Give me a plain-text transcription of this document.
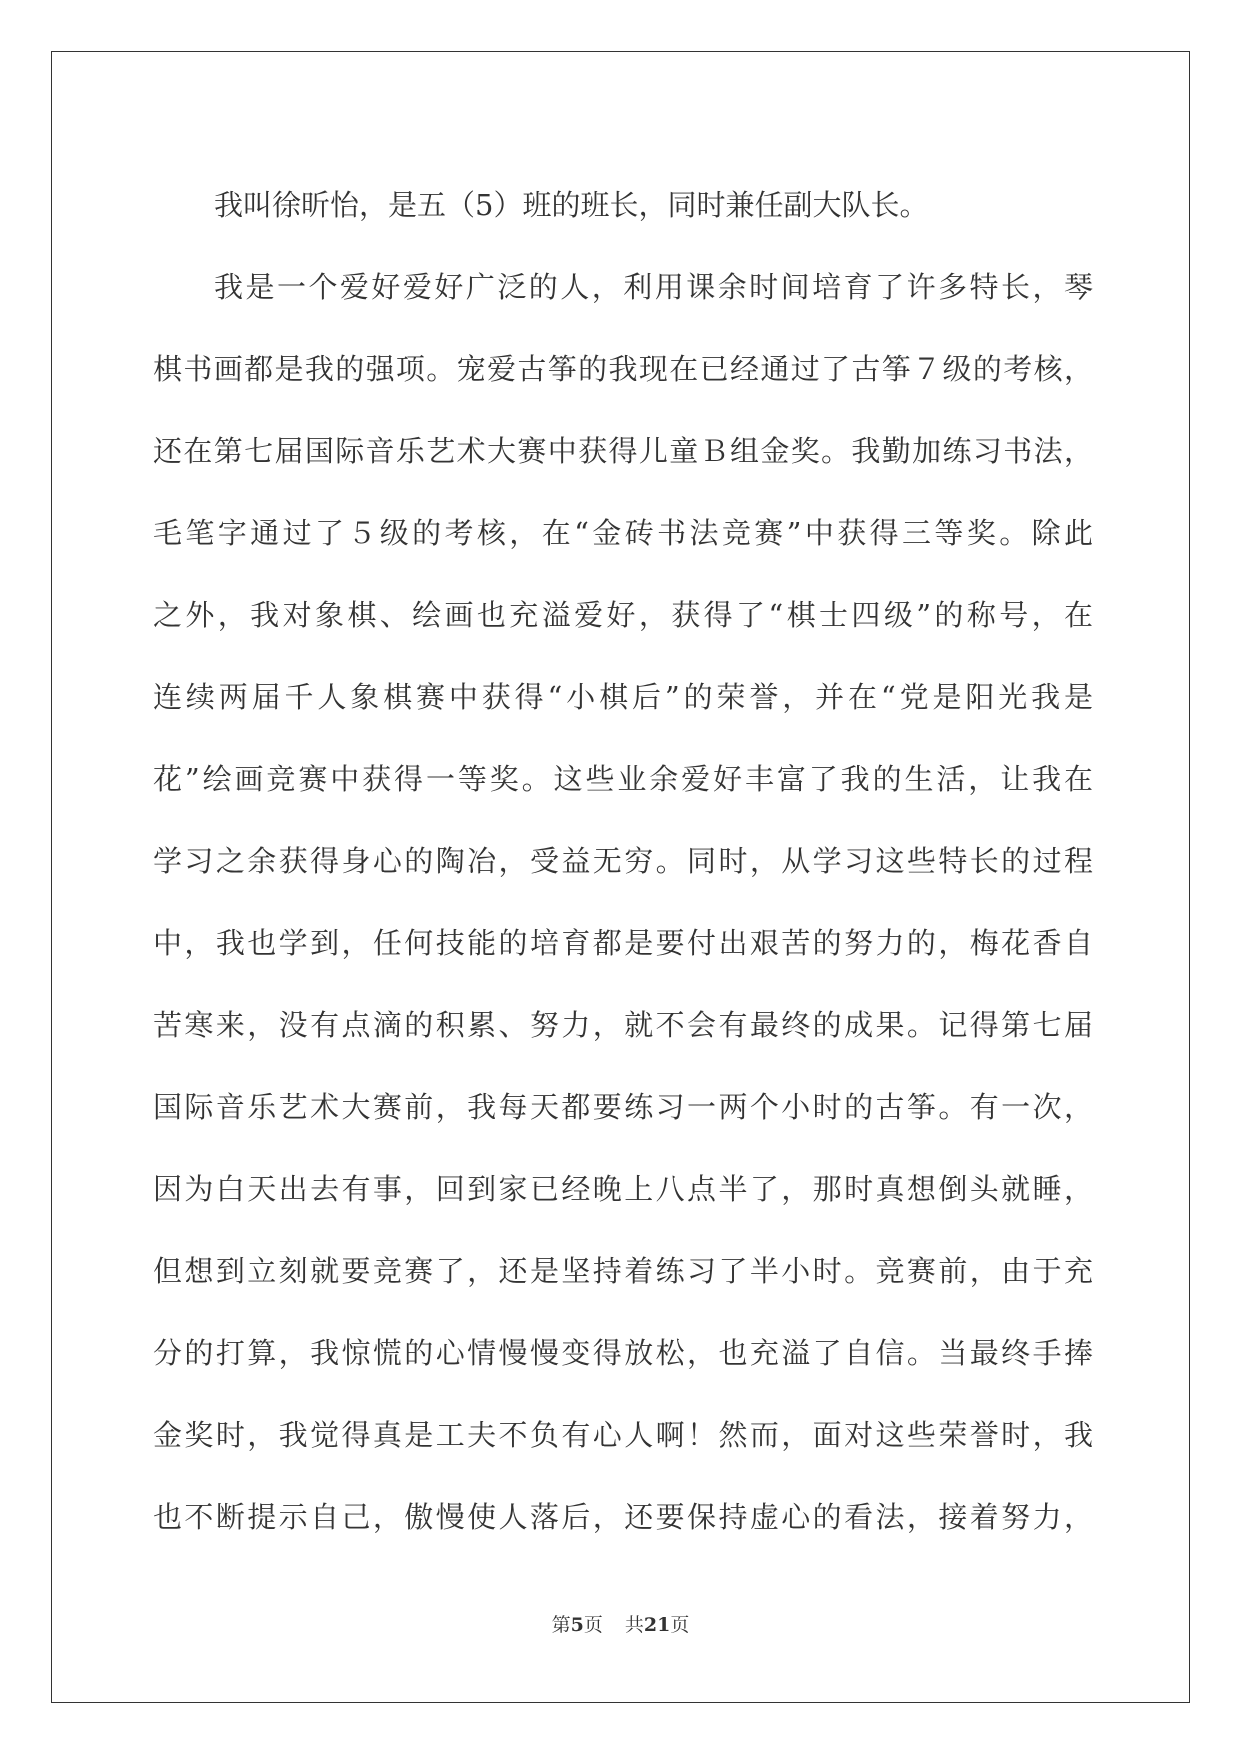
我叫徐昕怡，是五（5）班的班长，同时兼任副大队长。
我是一个爱好爱好广泛的人，利用课余时间培育了许多特长，琴
棋书画都是我的强项。宠爱古筝的我现在已经通过了古筝７级的考核，
还在第七届国际音乐艺术大赛中获得儿童Ｂ组金奖。我勤加练习书法，
毛笔字通过了５级的考核，在“金砖书法竞赛”中获得三等奖。除此
之外，我对象棋、绘画也充溢爱好，获得了“棋士四级”的称号，在
连续两届千人象棋赛中获得“小棋后”的荣誉，并在“党是阳光我是
花”绘画竞赛中获得一等奖。这些业余爱好丰富了我的生活，让我在
学习之余获得身心的陶冶，受益无穷。同时，从学习这些特长的过程
中，我也学到，任何技能的培育都是要付出艰苦的努力的，梅花香自
苦寒来，没有点滴的积累、努力，就不会有最终的成果。记得第七届
国际音乐艺术大赛前，我每天都要练习一两个小时的古筝。有一次，
因为白天出去有事，回到家已经晚上八点半了，那时真想倒头就睡，
但想到立刻就要竞赛了，还是坚持着练习了半小时。竞赛前，由于充
分的打算，我惊慌的心情慢慢变得放松，也充溢了自信。当最终手捧
金奖时，我觉得真是工夫不负有心人啊！然而，面对这些荣誉时，我
也不断提示自己，傲慢使人落后，还要保持虚心的看法，接着努力，
第5页 共21页
